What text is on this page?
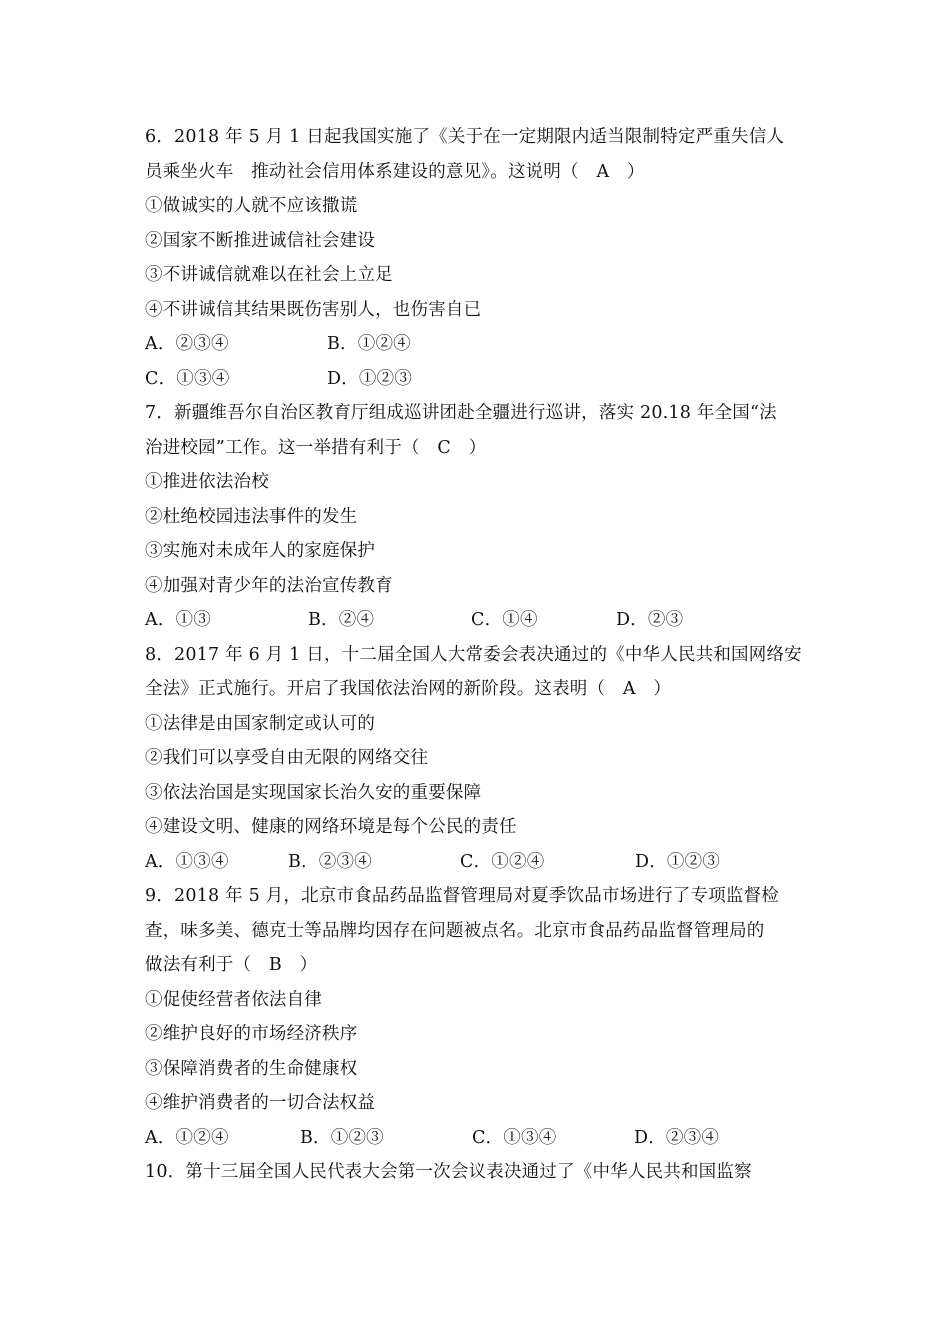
6．2018 年 5 月 1 日起我国实施了《关于在一定期限内适当限制特定严重失信人
员乘坐火车　推动社会信用体系建设的意见》。这说明（　A　）
①做诚实的人就不应该撒谎
②国家不断推进诚信社会建设
③不讲诚信就难以在社会上立足
④不讲诚信其结果既伤害别人，也伤害自已
A．②③④	B．①②④
C．①③④	D．①②③
7．新疆维吾尔自治区教育厅组成巡讲团赴全疆进行巡讲，落实 20.18 年全国“法
治进校园”工作。这一举措有利于（　C　）
①推进依法治校
②杜绝校园违法事件的发生
③实施对未成年人的家庭保护
④加强对青少年的法治宣传教育
A．①③	B．②④	C．①④	D．②③
8．2017 年 6 月 1 日，十二届全国人大常委会表决通过的《中华人民共和国网络安
全法》正式施行。开启了我国依法治网的新阶段。这表明（　A　）
①法律是由国家制定或认可的
②我们可以享受自由无限的网络交往
③依法治国是实现国家长治久安的重要保障
④建设文明、健康的网络环境是每个公民的责任
A．①③④	B．②③④	C．①②④	D．①②③
9．2018 年 5 月，北京市食品药品监督管理局对夏季饮品市场进行了专项监督检
查，味多美、德克士等品牌均因存在问题被点名。北京市食品药品监督管理局的
做法有利于（　B　）
①促使经营者依法自律
②维护良好的市场经济秩序
③保障消费者的生命健康权
④维护消费者的一切合法权益
A．①②④	B．①②③	C．①③④	D．②③④
10．第十三届全国人民代表大会第一次会议表决通过了《中华人民共和国监察
